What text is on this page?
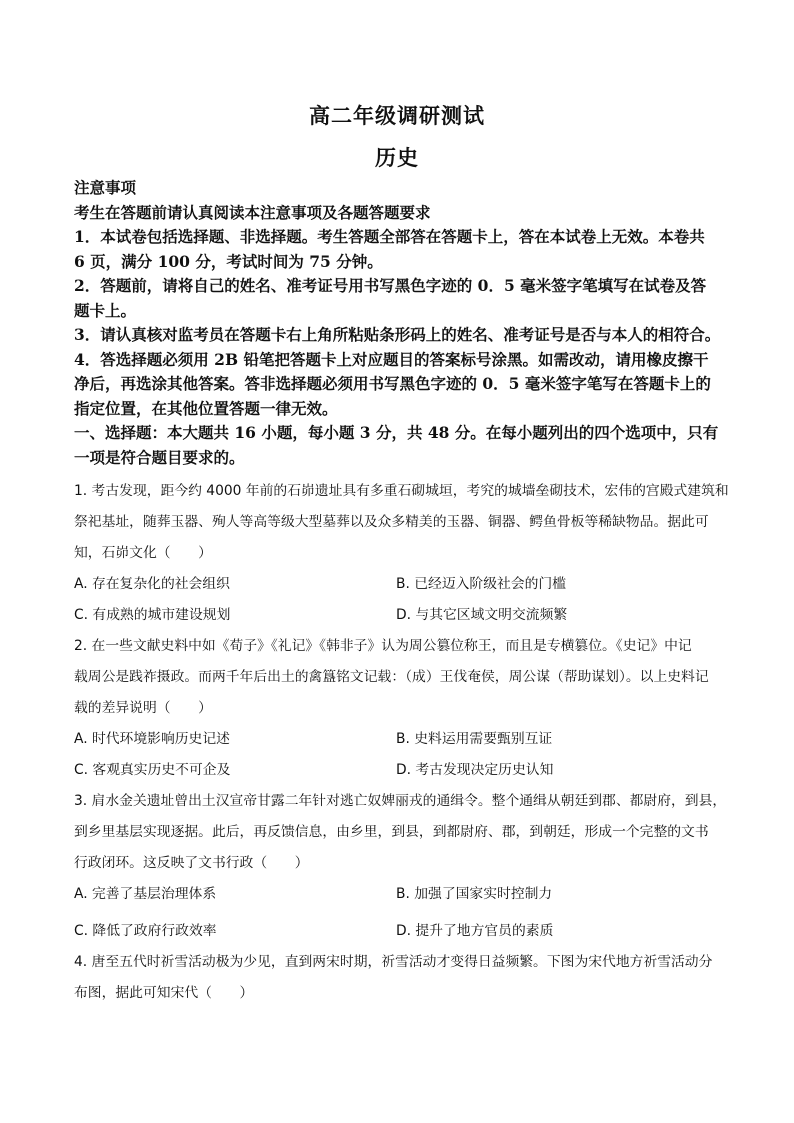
高二年级调研测试
历史
注意事项
考生在答题前请认真阅读本注意事项及各题答题要求
1．本试卷包括选择题、非选择题。考生答题全部答在答题卡上，答在本试卷上无效。本卷共
6 页，满分 100 分，考试时间为 75 分钟。
2．答题前，请将自己的姓名、准考证号用书写黑色字迹的 0．5 毫米签字笔填写在试卷及答
题卡上。
3．请认真核对监考员在答题卡右上角所粘贴条形码上的姓名、准考证号是否与本人的相符合。
4．答选择题必须用 2B 铅笔把答题卡上对应题目的答案标号涂黑。如需改动，请用橡皮擦干
净后，再选涂其他答案。答非选择题必须用书写黑色字迹的 0．5 毫米签字笔写在答题卡上的
指定位置，在其他位置答题一律无效。
一、选择题：本大题共 16 小题，每小题 3 分，共 48 分。在每小题列出的四个选项中，只有
一项是符合题目要求的。
1. 考古发现，距今约 4000 年前的石峁遗址具有多重石砌城垣，考究的城墙垒砌技术，宏伟的宫殿式建筑和
祭祀基址，随葬玉器、殉人等高等级大型墓葬以及众多精美的玉器、铜器、鳄鱼骨板等稀缺物品。据此可
知，石峁文化（　　）
A. 存在复杂化的社会组织	B. 已经迈入阶级社会的门槛
C. 有成熟的城市建设规划	D. 与其它区域文明交流频繁
2. 在一些文献史料中如《荀子》《礼记》《韩非子》认为周公篡位称王，而且是专横篡位。《史记》中记
载周公是践祚摄政。而两千年后出土的禽簋铭文记载：（成）王伐奄侯，周公谋（帮助谋划）。以上史料记
载的差异说明（　　）
A. 时代环境影响历史记述	B. 史料运用需要甄别互证
C. 客观真实历史不可企及	D. 考古发现决定历史认知
3. 肩水金关遗址曾出土汉宣帝甘露二年针对逃亡奴婢丽戎的通缉令。整个通缉从朝廷到郡、都尉府，到县，
到乡里基层实现逐据。此后，再反馈信息，由乡里，到县，到都尉府、郡，到朝廷，形成一个完整的文书
行政闭环。这反映了文书行政（　　）
A. 完善了基层治理体系	B. 加强了国家实时控制力
C. 降低了政府行政效率	D. 提升了地方官员的素质
4. 唐至五代时祈雪活动极为少见，直到两宋时期，祈雪活动才变得日益频繁。下图为宋代地方祈雪活动分
布图，据此可知宋代（　　）
